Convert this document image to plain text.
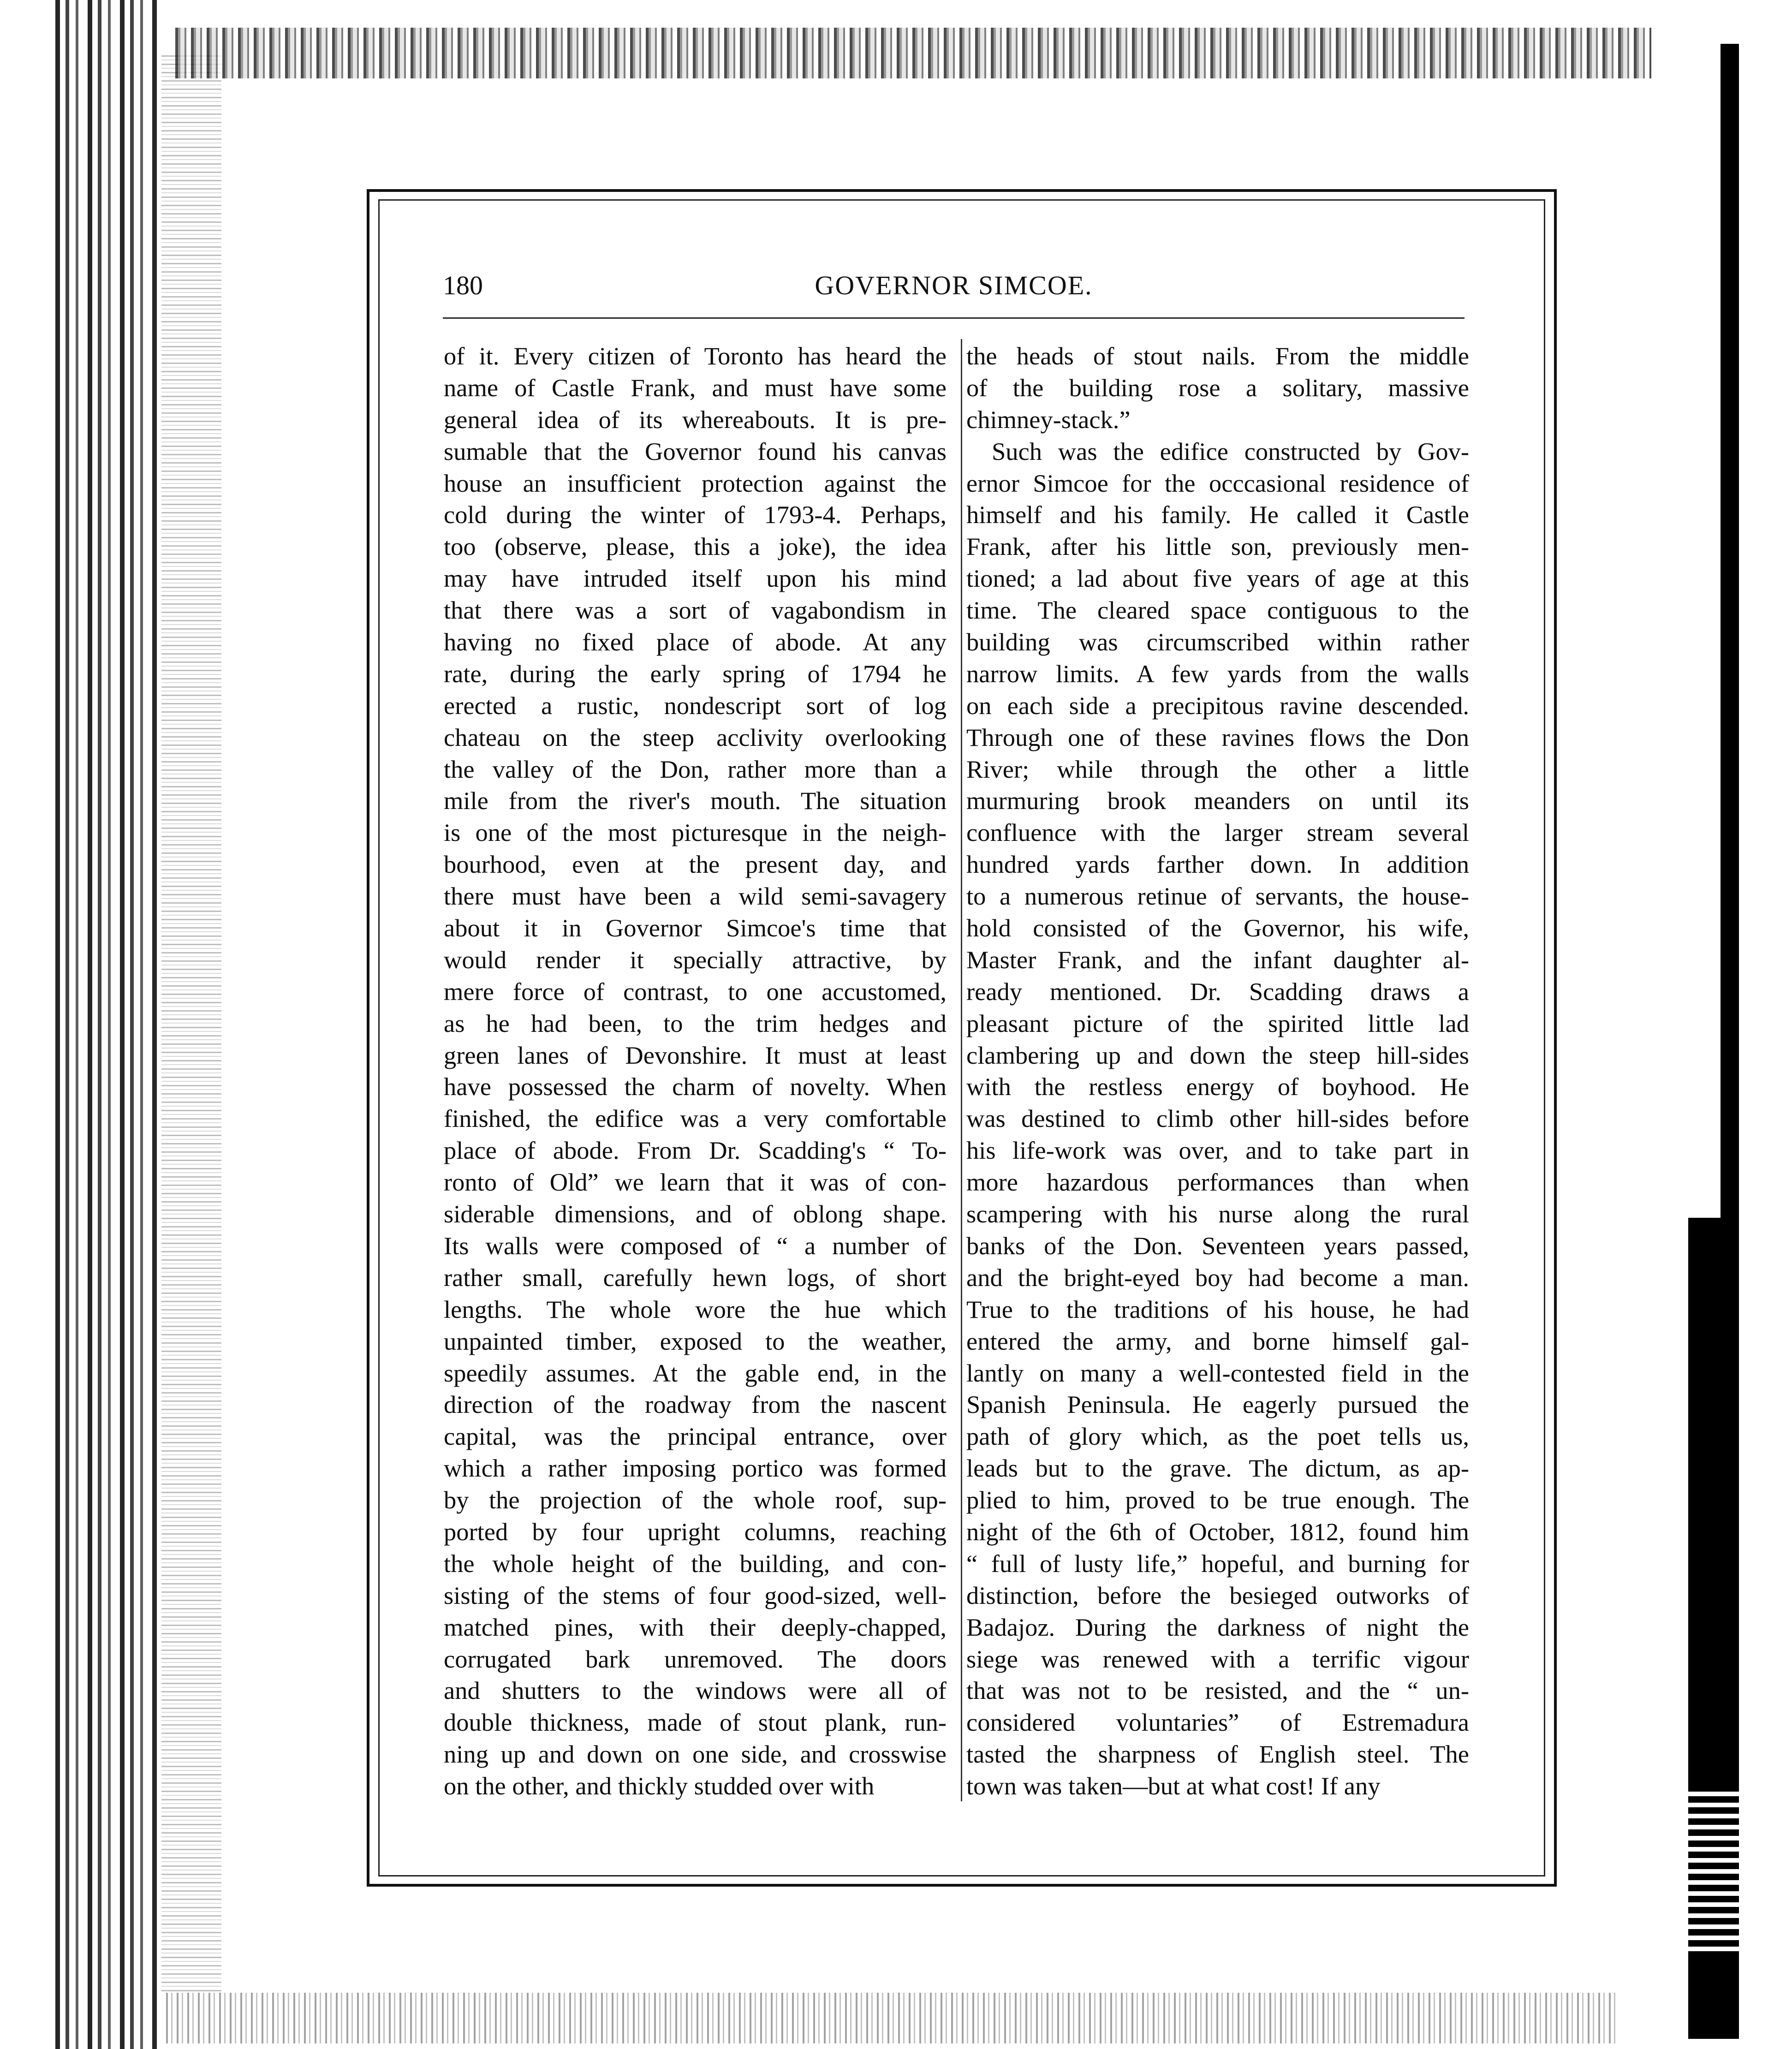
180	GOVERNOR SIMCOE.
of it. Every citizen of Toronto has heard the
name of Castle Frank, and must have some
general idea of its whereabouts. It is pre-
sumable that the Governor found his canvas
house an insufficient protection against the
cold during the winter of 1793-4. Perhaps,
too (observe, please, this a joke), the idea
may have intruded itself upon his mind
that there was a sort of vagabondism in
having no fixed place of abode. At any
rate, during the early spring of 1794 he
erected a rustic, nondescript sort of log
chateau on the steep acclivity overlooking
the valley of the Don, rather more than a
mile from the river's mouth. The situation
is one of the most picturesque in the neigh-
bourhood, even at the present day, and
there must have been a wild semi-savagery
about it in Governor Simcoe's time that
would render it specially attractive, by
mere force of contrast, to one accustomed,
as he had been, to the trim hedges and
green lanes of Devonshire. It must at least
have possessed the charm of novelty. When
finished, the edifice was a very comfortable
place of abode. From Dr. Scadding's “ To-
ronto of Old” we learn that it was of con-
siderable dimensions, and of oblong shape.
Its walls were composed of “ a number of
rather small, carefully hewn logs, of short
lengths. The whole wore the hue which
unpainted timber, exposed to the weather,
speedily assumes. At the gable end, in the
direction of the roadway from the nascent
capital, was the principal entrance, over
which a rather imposing portico was formed
by the projection of the whole roof, sup-
ported by four upright columns, reaching
the whole height of the building, and con-
sisting of the stems of four good-sized, well-
matched pines, with their deeply-chapped,
corrugated bark unremoved. The doors
and shutters to the windows were all of
double thickness, made of stout plank, run-
ning up and down on one side, and crosswise
on the other, and thickly studded over with
the heads of stout nails. From the middle
of the building rose a solitary, massive
chimney-stack.”
Such was the edifice constructed by Gov-
ernor Simcoe for the occcasional residence of
himself and his family. He called it Castle
Frank, after his little son, previously men-
tioned; a lad about five years of age at this
time. The cleared space contiguous to the
building was circumscribed within rather
narrow limits. A few yards from the walls
on each side a precipitous ravine descended.
Through one of these ravines flows the Don
River; while through the other a little
murmuring brook meanders on until its
confluence with the larger stream several
hundred yards farther down. In addition
to a numerous retinue of servants, the house-
hold consisted of the Governor, his wife,
Master Frank, and the infant daughter al-
ready mentioned. Dr. Scadding draws a
pleasant picture of the spirited little lad
clambering up and down the steep hill-sides
with the restless energy of boyhood. He
was destined to climb other hill-sides before
his life-work was over, and to take part in
more hazardous performances than when
scampering with his nurse along the rural
banks of the Don. Seventeen years passed,
and the bright-eyed boy had become a man.
True to the traditions of his house, he had
entered the army, and borne himself gal-
lantly on many a well-contested field in the
Spanish Peninsula. He eagerly pursued the
path of glory which, as the poet tells us,
leads but to the grave. The dictum, as ap-
plied to him, proved to be true enough. The
night of the 6th of October, 1812, found him
“ full of lusty life,” hopeful, and burning for
distinction, before the besieged outworks of
Badajoz. During the darkness of night the
siege was renewed with a terrific vigour
that was not to be resisted, and the “ un-
considered voluntaries” of Estremadura
tasted the sharpness of English steel. The
town was taken—but at what cost! If any
